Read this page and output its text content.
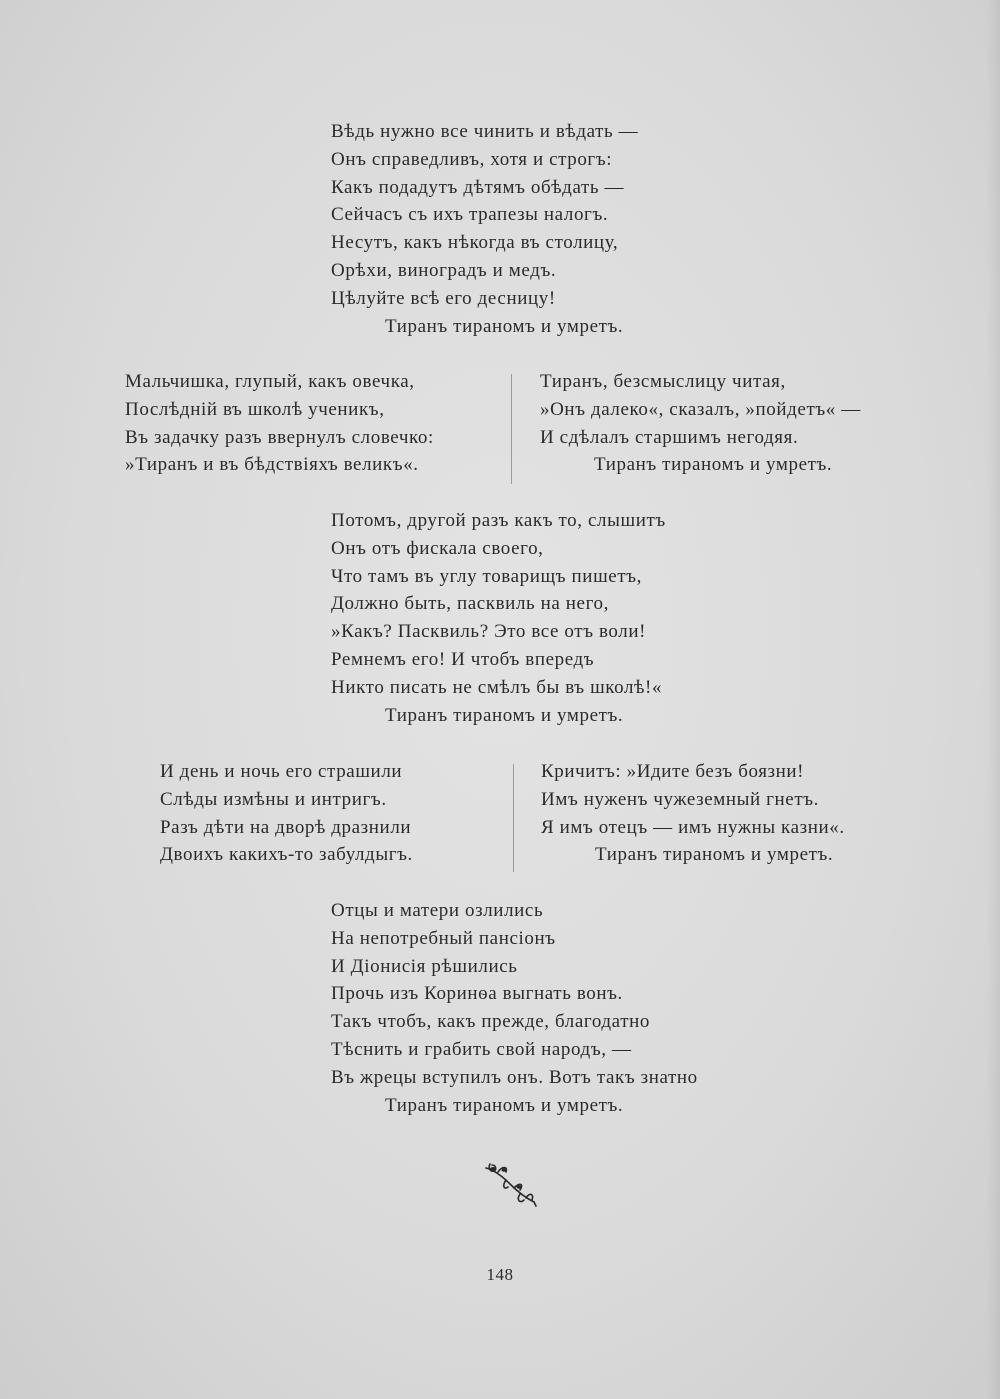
Вѣдь нужно все чинить и вѣдать —
Онъ справедливъ, хотя и строгъ:
Какъ подадутъ дѣтямъ обѣдать —
Сейчасъ съ ихъ трапезы налогъ.
Несутъ, какъ нѣкогда въ столицу,
Орѣхи, виноградъ и медъ.
Цѣлуйте всѣ его десницу!
Тиранъ тираномъ и умретъ.
Мальчишка, глупый, какъ овечка,
Послѣдній въ школѣ ученикъ,
Въ задачку разъ ввернулъ словечко:
»Тиранъ и въ бѣдствіяхъ великъ«.
Тиранъ, безсмыслицу читая,
»Онъ далеко«, сказалъ, »пойдетъ« —
И сдѣлалъ старшимъ негодяя.
Тиранъ тираномъ и умретъ.
Потомъ, другой разъ какъ то, слышитъ
Онъ отъ фискала своего,
Что тамъ въ углу товарищъ пишетъ,
Должно быть, пасквиль на него,
»Какъ? Пасквиль? Это все отъ воли!
Ремнемъ его! И чтобъ впередъ
Никто писать не смѣлъ бы въ школѣ!«
Тиранъ тираномъ и умретъ.
И день и ночь его страшили
Слѣды измѣны и интригъ.
Разъ дѣти на дворѣ дразнили
Двоихъ какихъ-то забулдыгъ.
Кричитъ: »Идите безъ боязни!
Имъ нуженъ чужеземный гнетъ.
Я имъ отецъ — имъ нужны казни«.
Тиранъ тираномъ и умретъ.
Отцы и матери озлились
На непотребный пансіонъ
И Діонисія рѣшились
Прочь изъ Коринѳа выгнать вонъ.
Такъ чтобъ, какъ прежде, благодатно
Тѣснить и грабить свой народъ, —
Въ жрецы вступилъ онъ. Вотъ такъ знатно
Тиранъ тираномъ и умретъ.
148
